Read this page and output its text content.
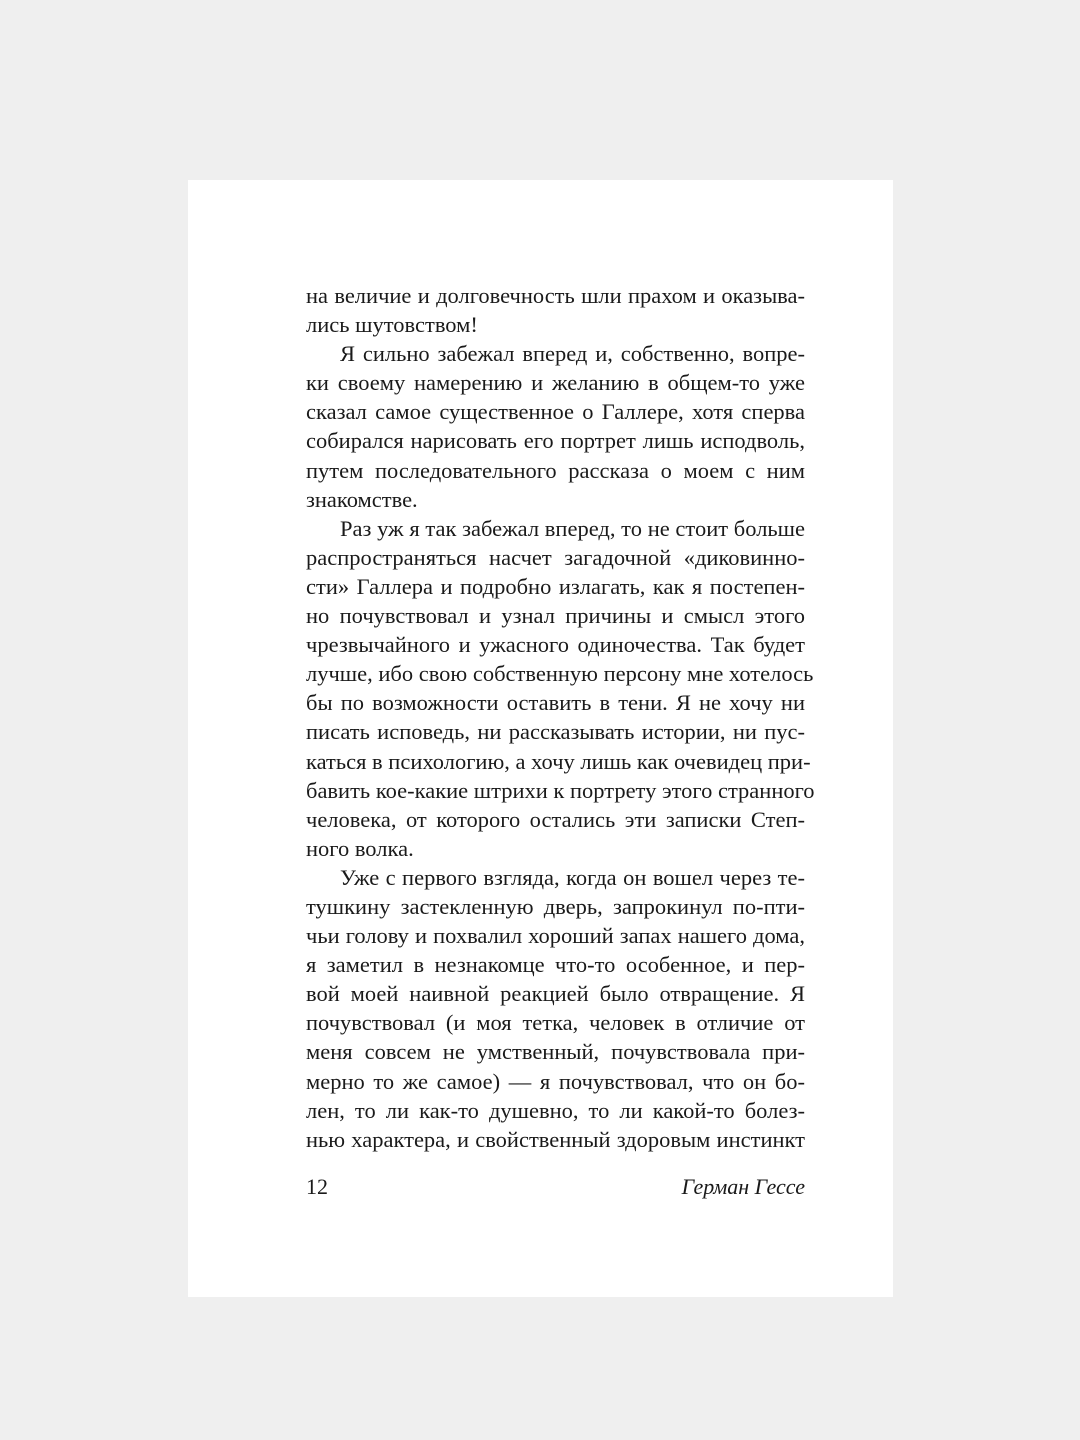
на величие и долговечность шли прахом и оказыва-
лись шутовством!
Я сильно забежал вперед и, собственно, вопре-
ки своему намерению и желанию в общем-то уже
сказал самое существенное о Галлере, хотя сперва
собирался нарисовать его портрет лишь исподволь,
путем последовательного рассказа о моем с ним
знакомстве.
Раз уж я так забежал вперед, то не стоит больше
распространяться насчет загадочной «диковинно-
сти» Галлера и подробно излагать, как я постепен-
но почувствовал и узнал причины и смысл этого
чрезвычайного и ужасного одиночества. Так будет
лучше, ибо свою собственную персону мне хотелось
бы по возможности оставить в тени. Я не хочу ни
писать исповедь, ни рассказывать истории, ни пус-
каться в психологию, а хочу лишь как очевидец при-
бавить кое-какие штрихи к портрету этого странного
человека, от которого остались эти записки Степ-
ного волка.
Уже с первого взгляда, когда он вошел через те-
тушкину застекленную дверь, запрокинул по-пти-
чьи голову и похвалил хороший запах нашего дома,
я заметил в незнакомце что-то особенное, и пер-
вой моей наивной реакцией было отвращение. Я
почувствовал (и моя тетка, человек в отличие от
меня совсем не умственный, почувствовала при-
мерно то же самое) — я почувствовал, что он бо-
лен, то ли как-то душевно, то ли какой-то болез-
нью характера, и свойственный здоровым инстинкт
12	Герман Гессе
